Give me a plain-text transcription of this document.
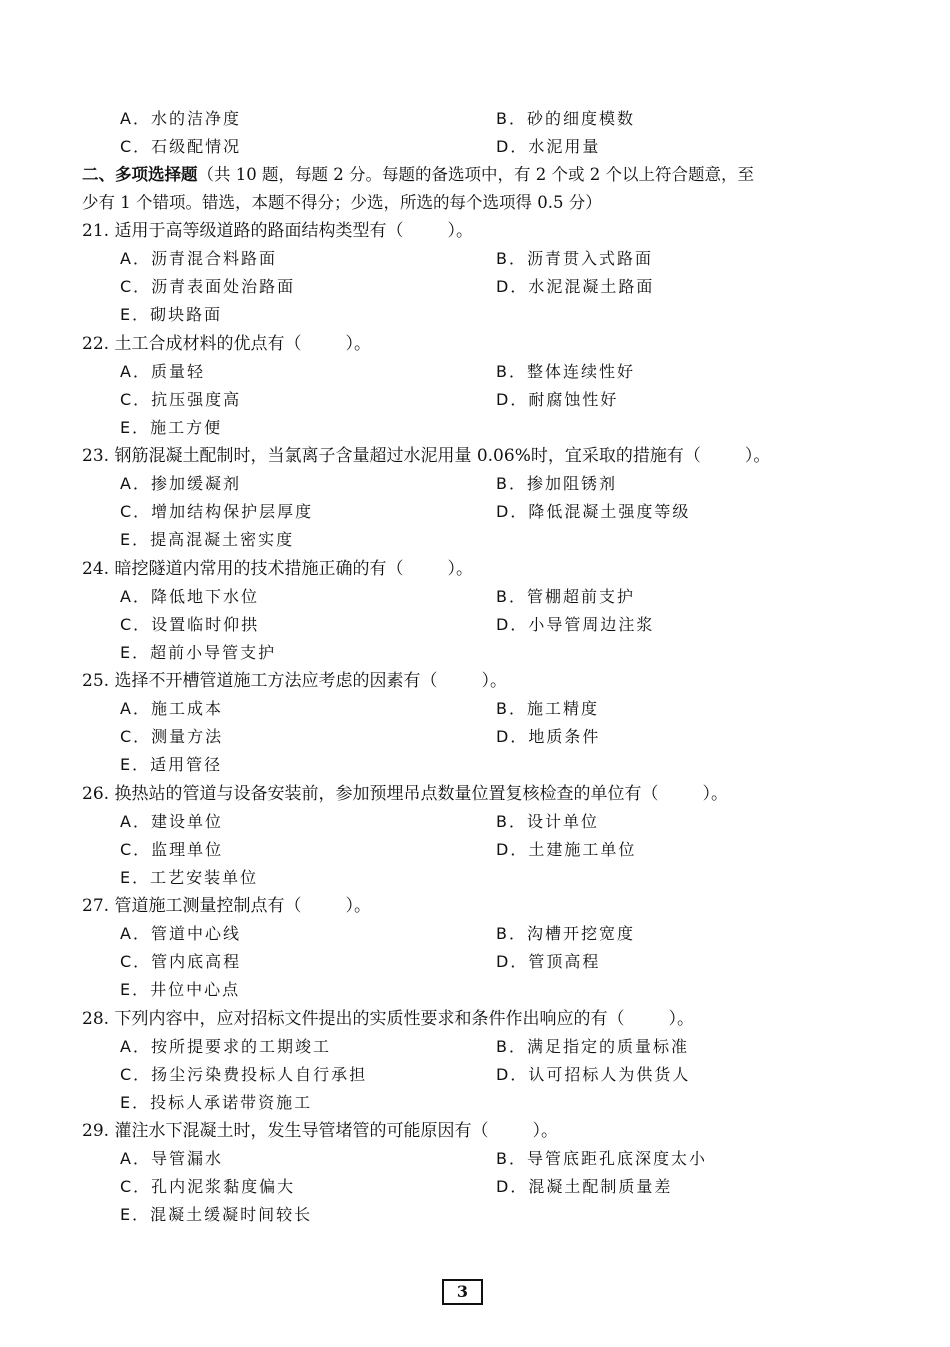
A．水的洁净度	B．砂的细度模数
C．石级配情况	D．水泥用量
二、多项选择题（共 10 题，每题 2 分。每题的备选项中，有 2 个或 2 个以上符合题意，至
少有 1 个错项。错选，本题不得分；少选，所选的每个选项得 0.5 分）
21. 适用于高等级道路的路面结构类型有（	）。
A．沥青混合料路面	B．沥青贯入式路面
C．沥青表面处治路面	D．水泥混凝土路面
E．砌块路面
22. 土工合成材料的优点有（	）。
A．质量轻	B．整体连续性好
C．抗压强度高	D．耐腐蚀性好
E．施工方便
23. 钢筋混凝土配制时，当氯离子含量超过水泥用量 0.06%时，宜采取的措施有（	）。
A．掺加缓凝剂	B．掺加阻锈剂
C．增加结构保护层厚度	D．降低混凝土强度等级
E．提高混凝土密实度
24. 暗挖隧道内常用的技术措施正确的有（	）。
A．降低地下水位	B．管棚超前支护
C．设置临时仰拱	D．小导管周边注浆
E．超前小导管支护
25. 选择不开槽管道施工方法应考虑的因素有（	）。
A．施工成本	B．施工精度
C．测量方法	D．地质条件
E．适用管径
26. 换热站的管道与设备安装前，参加预埋吊点数量位置复核检查的单位有（	）。
A．建设单位	B．设计单位
C．监理单位	D．土建施工单位
E．工艺安装单位
27. 管道施工测量控制点有（	）。
A．管道中心线	B．沟槽开挖宽度
C．管内底高程	D．管顶高程
E．井位中心点
28. 下列内容中，应对招标文件提出的实质性要求和条件作出响应的有（	）。
A．按所提要求的工期竣工	B．满足指定的质量标准
C．扬尘污染费投标人自行承担	D．认可招标人为供货人
E．投标人承诺带资施工
29. 灌注水下混凝土时，发生导管堵管的可能原因有（	）。
A．导管漏水	B．导管底距孔底深度太小
C．孔内泥浆黏度偏大	D．混凝土配制质量差
E．混凝土缓凝时间较长
3
